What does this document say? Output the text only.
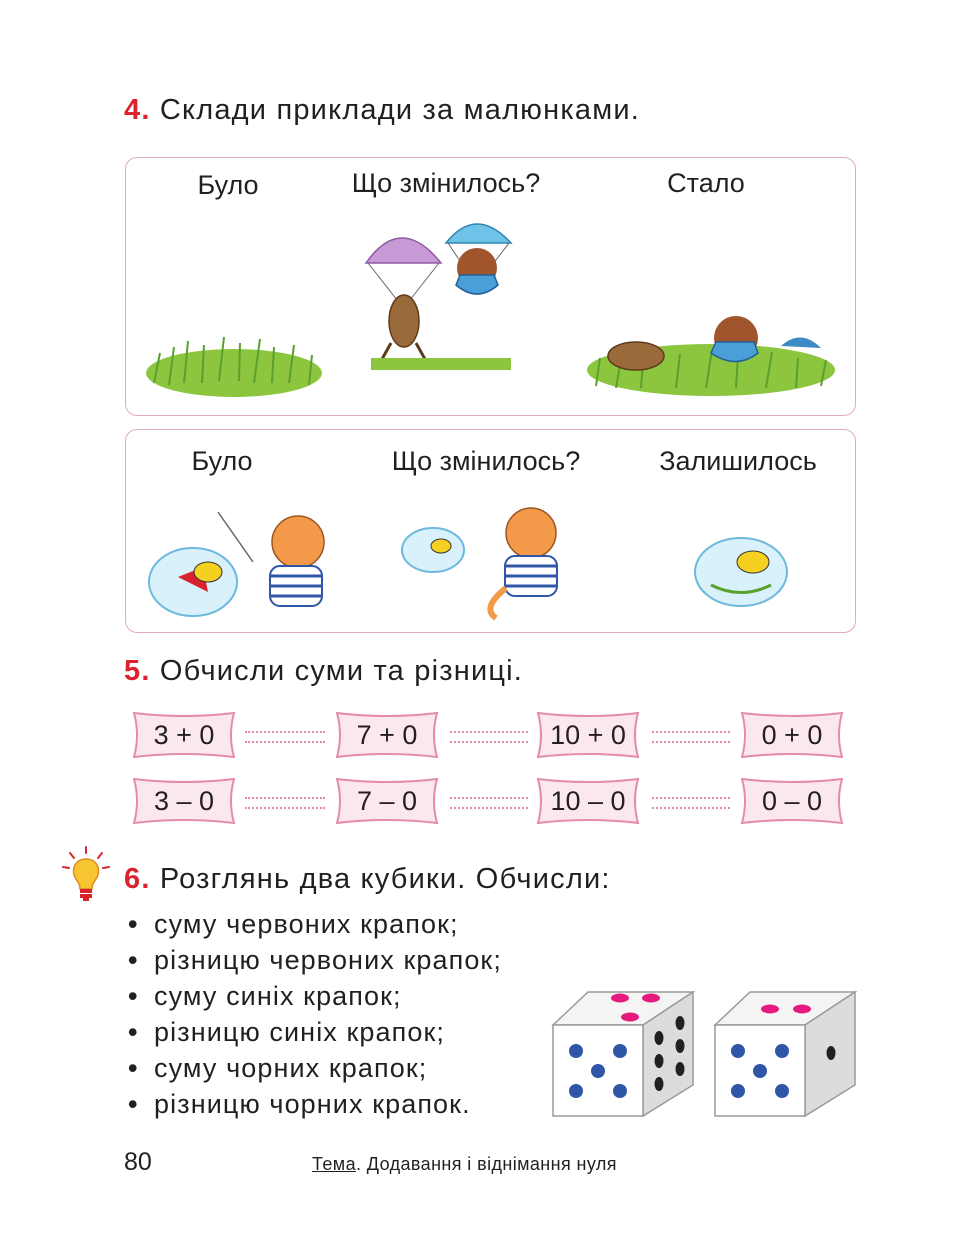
4. Склади приклади за малюнками.
Було	Що змінилось?	Стало
Було	Що змінилось?	Залишилось
5. Обчисли суми та різниці.
3 + 0	7 + 0	10 + 0	0 + 0
3 – 0	7 – 0	10 – 0	0 – 0
6. Розглянь два кубики. Обчисли:
• суму червоних крапок;
• різницю червоних крапок;
• суму синіх крапок;
• різницю синіх крапок;
• суму чорних крапок;
• різницю чорних крапок.
80	Тема. Додавання і віднімання нуля
